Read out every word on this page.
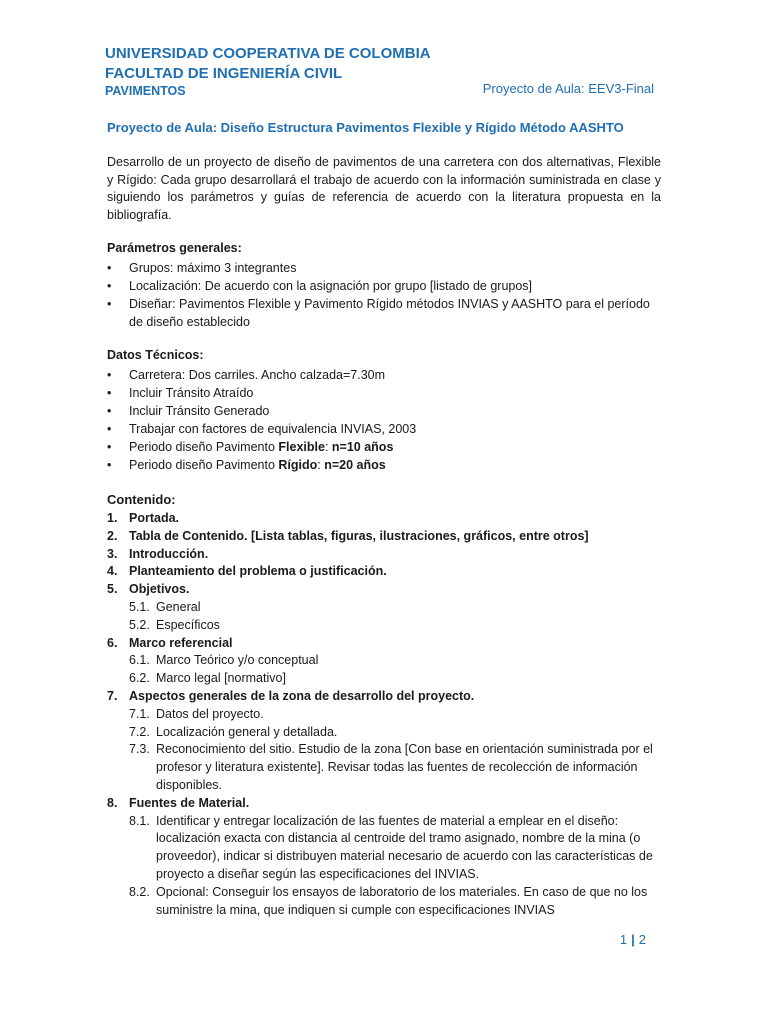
UNIVERSIDAD COOPERATIVA DE COLOMBIA
FACULTAD DE INGENIERÍA CIVIL
PAVIMENTOS	Proyecto de Aula: EEV3-Final
Proyecto de Aula: Diseño Estructura Pavimentos Flexible y Rígido Método AASHTO
Desarrollo de un proyecto de diseño de pavimentos de una carretera con dos alternativas, Flexible y Rígido: Cada grupo desarrollará el trabajo de acuerdo con la información suministrada en clase y siguiendo los parámetros y guías de referencia de acuerdo con la literatura propuesta en la bibliografía.
Parámetros generales:
• Grupos: máximo 3 integrantes
• Localización: De acuerdo con la asignación por grupo [listado de grupos]
• Diseñar: Pavimentos Flexible y Pavimento Rígido métodos INVIAS y AASHTO para el período de diseño establecido
Datos Técnicos:
• Carretera: Dos carriles. Ancho calzada=7.30m
• Incluir Tránsito Atraído
• Incluir Tránsito Generado
• Trabajar con factores de equivalencia INVIAS, 2003
• Periodo diseño Pavimento Flexible: n=10 años
• Periodo diseño Pavimento Rígido: n=20 años
Contenido:
1. Portada.
2. Tabla de Contenido. [Lista tablas, figuras, ilustraciones, gráficos, entre otros]
3. Introducción.
4. Planteamiento del problema o justificación.
5. Objetivos.
5.1. General
5.2. Específicos
6. Marco referencial
6.1. Marco Teórico y/o conceptual
6.2. Marco legal [normativo]
7. Aspectos generales de la zona de desarrollo del proyecto.
7.1. Datos del proyecto.
7.2. Localización general y detallada.
7.3. Reconocimiento del sitio. Estudio de la zona [Con base en orientación suministrada por el profesor y literatura existente]. Revisar todas las fuentes de recolección de información disponibles.
8. Fuentes de Material.
8.1. Identificar y entregar localización de las fuentes de material a emplear en el diseño: localización exacta con distancia al centroide del tramo asignado, nombre de la mina (o proveedor), indicar si distribuyen material necesario de acuerdo con las características de proyecto a diseñar según las especificaciones del INVIAS.
8.2. Opcional: Conseguir los ensayos de laboratorio de los materiales. En caso de que no los suministre la mina, que indiquen si cumple con especificaciones INVIAS
1 | 2
